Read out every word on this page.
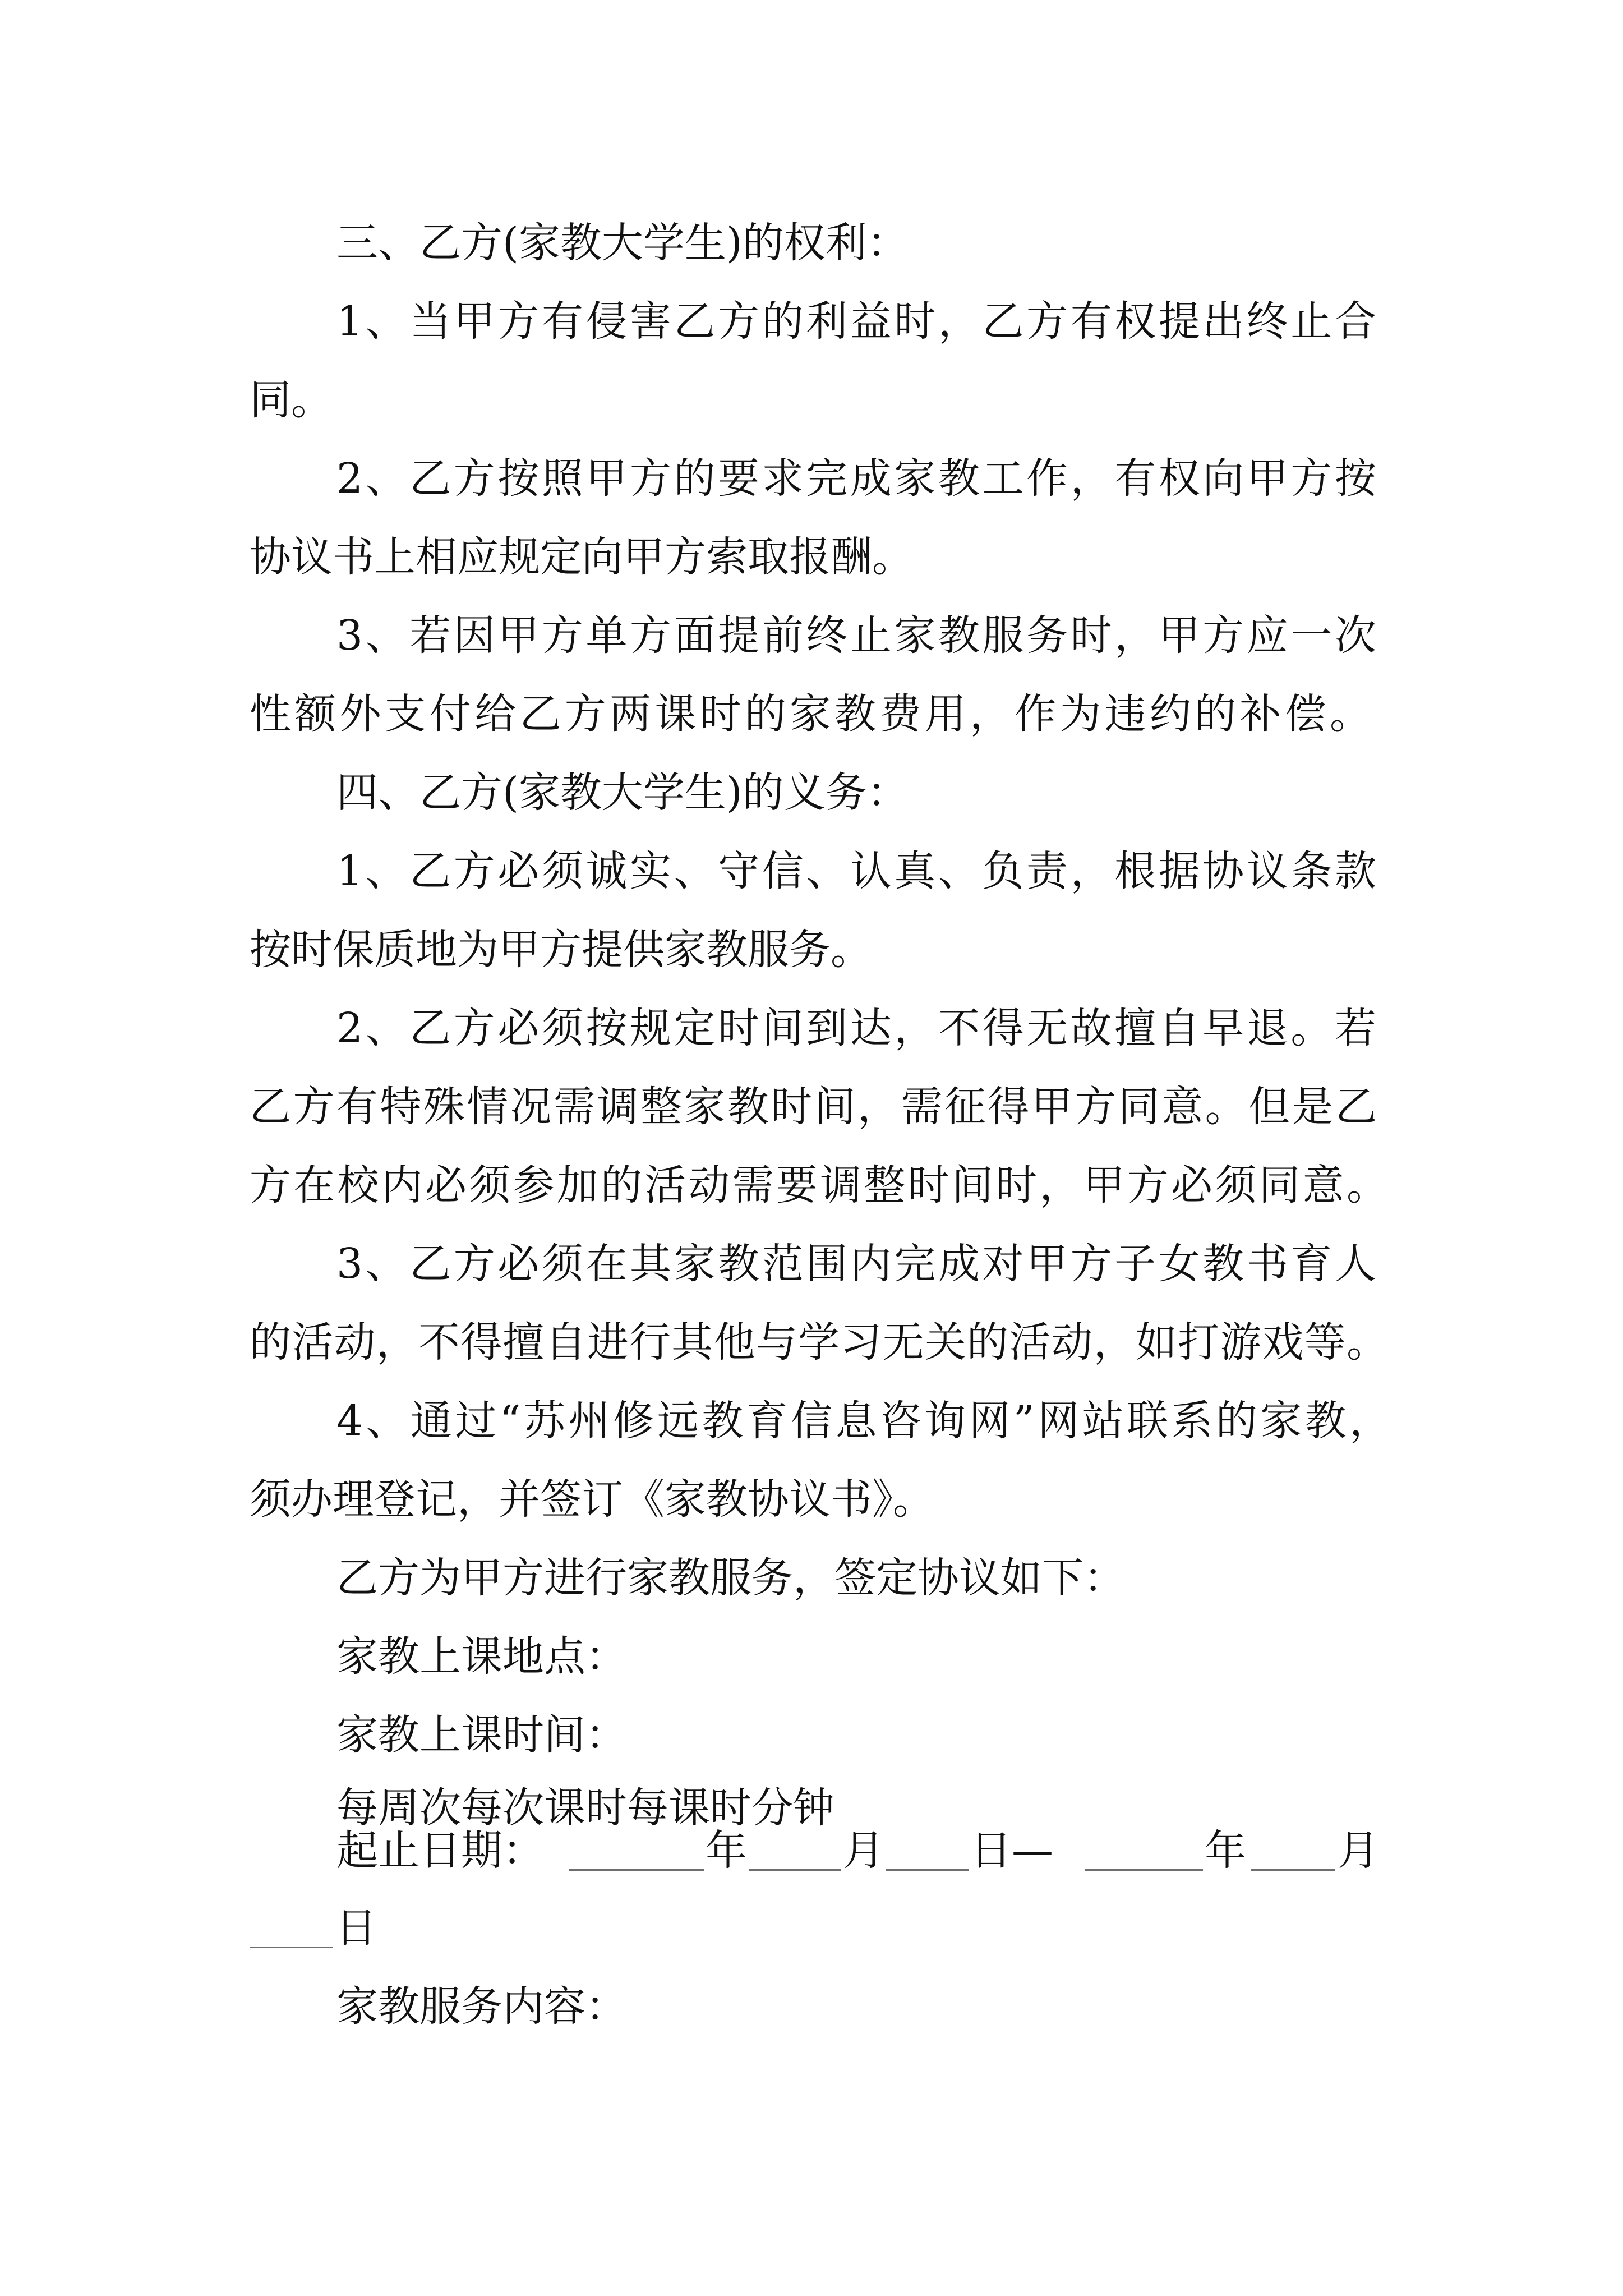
三、乙方(家教大学生)的权利：
1、当甲方有侵害乙方的利益时，乙方有权提出终止合
同。
2、乙方按照甲方的要求完成家教工作，有权向甲方按
协议书上相应规定向甲方索取报酬。
3、若因甲方单方面提前终止家教服务时，甲方应一次
性额外支付给乙方两课时的家教费用，作为违约的补偿。
四、乙方(家教大学生)的义务：
1、乙方必须诚实、守信、认真、负责，根据协议条款
按时保质地为甲方提供家教服务。
2、乙方必须按规定时间到达，不得无故擅自早退。若
乙方有特殊情况需调整家教时间，需征得甲方同意。但是乙
方在校内必须参加的活动需要调整时间时，甲方必须同意。
3、乙方必须在其家教范围内完成对甲方子女教书育人
的活动，不得擅自进行其他与学习无关的活动，如打游戏等。
4、通过“苏州修远教育信息咨询网”网站联系的家教，
须办理登记，并签订《家教协议书》。
乙方为甲方进行家教服务，签定协议如下：
家教上课地点：
家教上课时间：
每周次每次课时每课时分钟
起止日期：	年 月 日—	年 月
日
家教服务内容：
